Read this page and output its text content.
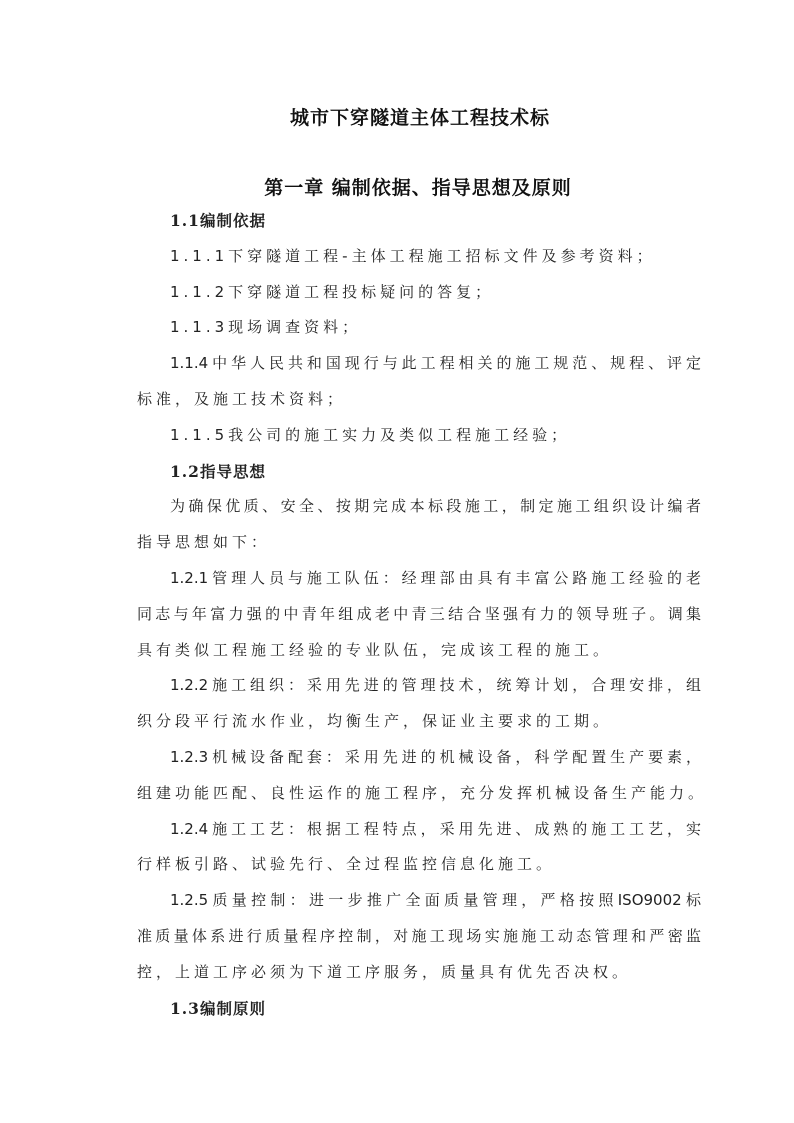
城市下穿隧道主体工程技术标
第一章 编制依据、指导思想及原则
1.1编制依据
1.1.1下穿隧道工程-主体工程施工招标文件及参考资料；
1.1.2下穿隧道工程投标疑问的答复；
1.1.3现场调查资料；
1.1.4中华人民共和国现行与此工程相关的施工规范、规程、评定
标准，及施工技术资料；
1.1.5我公司的施工实力及类似工程施工经验；
1.2指导思想
为确保优质、安全、按期完成本标段施工，制定施工组织设计编者
指导思想如下：
1.2.1管理人员与施工队伍：经理部由具有丰富公路施工经验的老
同志与年富力强的中青年组成老中青三结合坚强有力的领导班子。调集
具有类似工程施工经验的专业队伍，完成该工程的施工。
1.2.2施工组织：采用先进的管理技术，统筹计划，合理安排，组
织分段平行流水作业，均衡生产，保证业主要求的工期。
1.2.3机械设备配套：采用先进的机械设备，科学配置生产要素，
组建功能匹配、良性运作的施工程序，充分发挥机械设备生产能力。
1.2.4施工工艺：根据工程特点，采用先进、成熟的施工工艺，实
行样板引路、试验先行、全过程监控信息化施工。
1.2.5质量控制：进一步推广全面质量管理，严格按照ISO9002标
准质量体系进行质量程序控制，对施工现场实施施工动态管理和严密监
控，上道工序必须为下道工序服务，质量具有优先否决权。
1.3编制原则
